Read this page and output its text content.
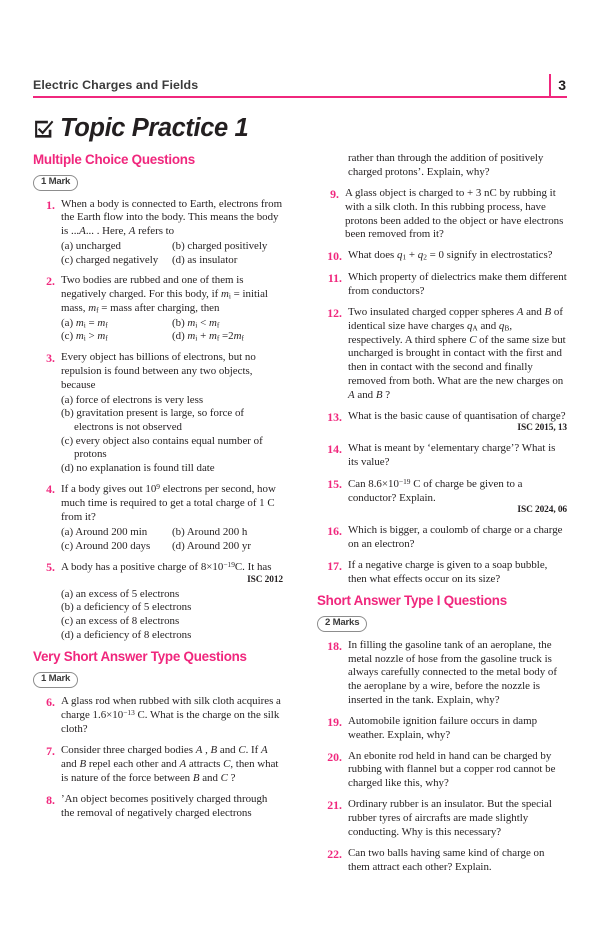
Electric Charges and Fields	3
Topic Practice 1
Multiple Choice Questions
1 Mark
1. When a body is connected to Earth, electrons from the Earth flow into the body. This means the body is ...A... . Here, A refers to
(a) uncharged	(b) charged positively
(c) charged negatively	(d) as insulator
2. Two bodies are rubbed and one of them is negatively charged. For this body, if $m_i$ = initial mass, $m_f$ = mass after charging, then
(a) $m_i = m_f$	(b) $m_i < m_f$
(c) $m_i > m_f$	(d) $m_i + m_f =2m_f$
3. Every object has billions of electrons, but no repulsion is found between any two objects, because
(a) force of electrons is very less
(b) gravitation present is large, so force of electrons is not observed
(c) every object also contains equal number of protons
(d) no explanation is found till date
4. If a body gives out $10^9$ electrons per second, how much time is required to get a total charge of 1 C from it?
(a) Around 200 min	(b) Around 200 h
(c) Around 200 days	(d) Around 200 yr
5. A body has a positive charge of $8\times 10^{-19}C$. It has
ISC 2012
(a) an excess of 5 electrons
(b) a deficiency of 5 electrons
(c) an excess of 8 electrons
(d) a deficiency of 8 electrons
Very Short Answer Type Questions
1 Mark
6. A glass rod when rubbed with silk cloth acquires a charge $1.6\times 10^{-13}$ C. What is the charge on the silk cloth?
7. Consider three charged bodies A , B and C. If A and B repel each other and A attracts C, then what is nature of the force between B and C ?
8. ’An object becomes positively charged through the removal of negatively charged electrons

rather than through the addition of positively charged protons’. Explain, why?
9. A glass object is charged to + 3 nC by rubbing it with a silk cloth. In this rubbing process, have protons been added to the object or have electrons been removed from it?
10. What does $q_1 + q_2 = 0$ signify in electrostatics?
11. Which property of dielectrics make them different from conductors?
12. Two insulated charged copper spheres A and B of identical size have charges $q_A$ and $q_B$, respectively. A third sphere C of the same size but uncharged is brought in contact with the first and then in contact with the second and finally removed from both. What are the new charges on A and B ?
13. What is the basic cause of quantisation of charge?
ISC 2015, 13
14. What is meant by ‘elementary charge’? What is its value?
15. Can $8.6\times 10^{-19}$ C of charge be given to a conductor? Explain.
ISC 2024, 06
16. Which is bigger, a coulomb of charge or a charge on an electron?
17. If a negative charge is given to a soap bubble, then what effects occur on its size?
Short Answer Type I Questions
2 Marks
18. In filling the gasoline tank of an aeroplane, the metal nozzle of hose from the gasoline truck is always carefully connected to the metal body of the aeroplane by a wire, before the nozzle is inserted in the tank. Explain, why?
19. Automobile ignition failure occurs in damp weather. Explain, why?
20. An ebonite rod held in hand can be charged by rubbing with flannel but a copper rod cannot be charged like this, why?
21. Ordinary rubber is an insulator. But the special rubber tyres of aircrafts are made slightly conducting. Why is this necessary?
22. Can two balls having same kind of charge on them attract each other? Explain.
